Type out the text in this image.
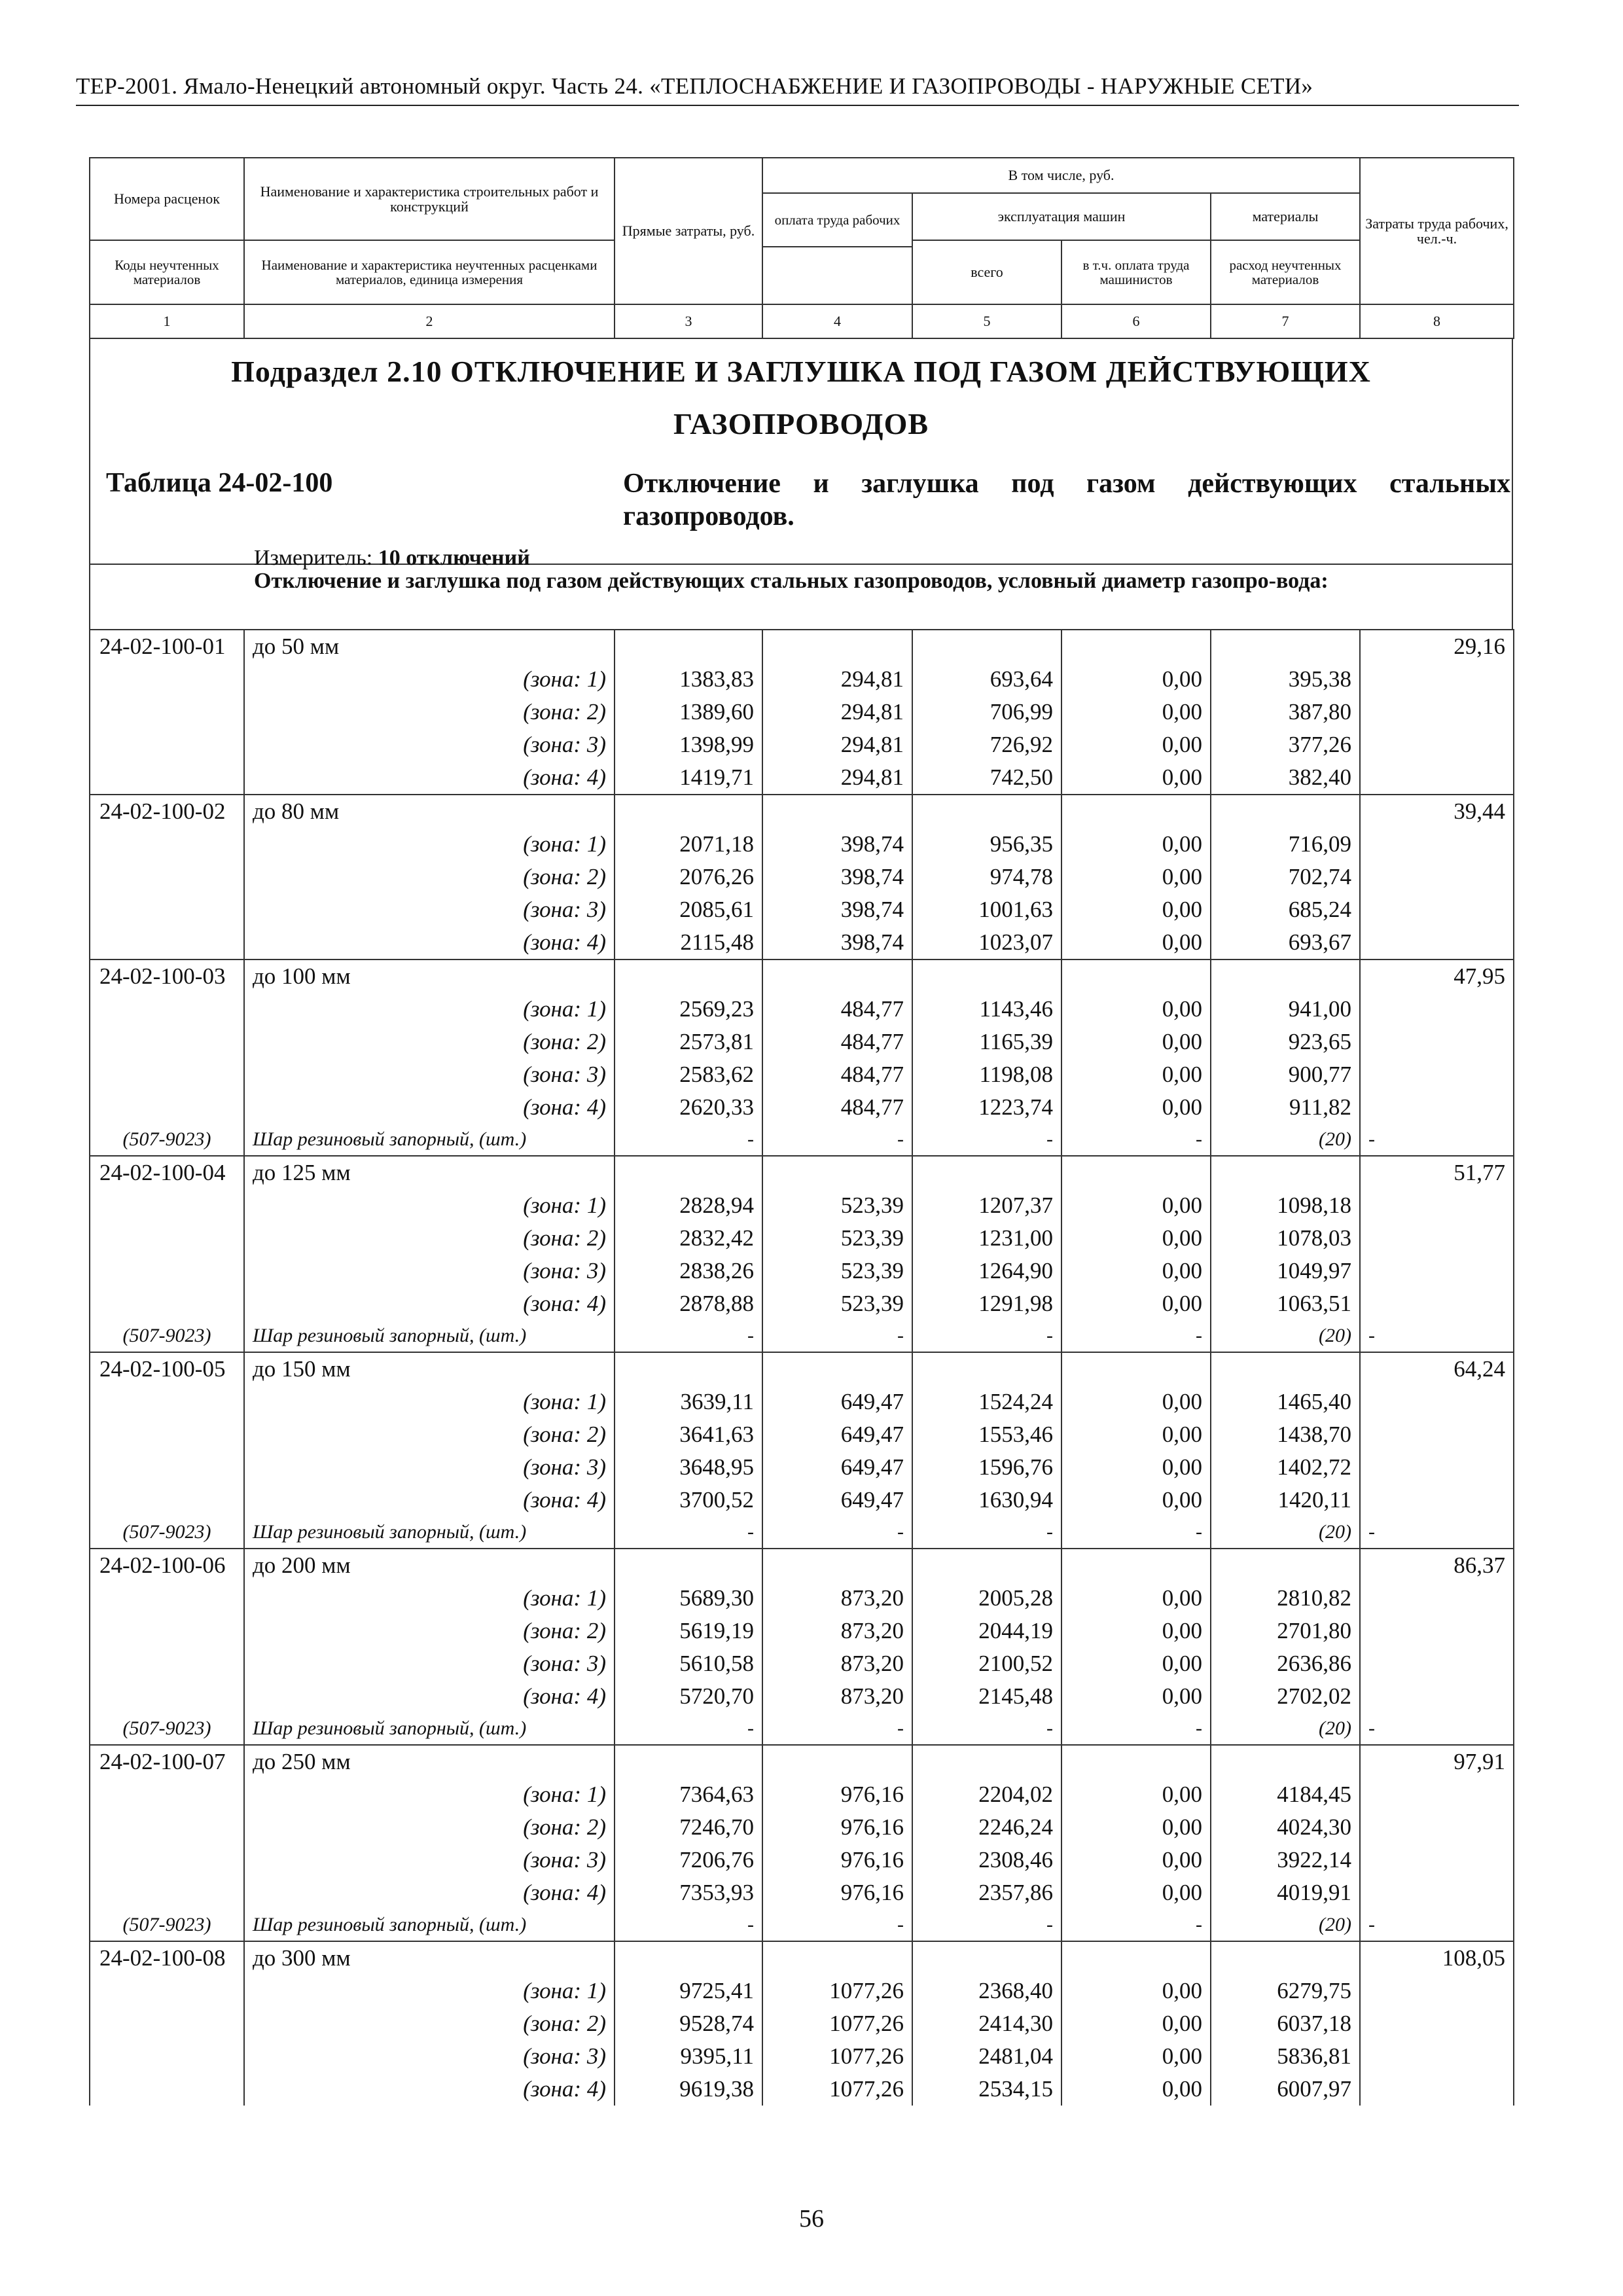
ТЕР-2001. Ямало-Ненецкий автономный округ. Часть 24. «ТЕПЛОСНАБЖЕНИЕ И ГАЗОПРОВОДЫ - НАРУЖНЫЕ СЕТИ»
Номера расценок	Наименование и характеристика строительных работ и конструкций	Прямые затраты, руб.	В том числе, руб.				Затраты труда рабочих, чел.-ч.
			оплата труда рабочих	эксплуатация машин		материалы	

Коды неучтенных материалов	Наименование и характеристика неучтенных расценками материалов, единица измерения			всего	в т.ч. оплата труда машинистов	расход неучтенных материалов	

1	2	3	4	5	6	7	8
Подраздел 2.10 ОТКЛЮЧЕНИЕ И ЗАГЛУШКА ПОД ГАЗОМ ДЕЙСТВУЮЩИХ
ГАЗОПРОВОДОВ
Таблица 24-02-100	Отключение и заглушка под газом действующих стальных газопроводов.
Измеритель: 10 отключений
Отключение и заглушка под газом действующих стальных газопроводов, условный диаметр газопро-вода:
24-02-100-01	до 50 мм						29,16
	(зона: 1)	1383,83	294,81	693,64	0,00	395,38	
	(зона: 2)	1389,60	294,81	706,99	0,00	387,80	
	(зона: 3)	1398,99	294,81	726,92	0,00	377,26	
	(зона: 4)	1419,71	294,81	742,50	0,00	382,40	
24-02-100-02	до 80 мм						39,44
	(зона: 1)	2071,18	398,74	956,35	0,00	716,09	
	(зона: 2)	2076,26	398,74	974,78	0,00	702,74	
	(зона: 3)	2085,61	398,74	1001,63	0,00	685,24	
	(зона: 4)	2115,48	398,74	1023,07	0,00	693,67	
24-02-100-03	до 100 мм						47,95
	(зона: 1)	2569,23	484,77	1143,46	0,00	941,00	
	(зона: 2)	2573,81	484,77	1165,39	0,00	923,65	
	(зона: 3)	2583,62	484,77	1198,08	0,00	900,77	
	(зона: 4)	2620,33	484,77	1223,74	0,00	911,82	
(507-9023)	Шар резиновый запорный, (шт.)	-	-	-	-	(20)	-
24-02-100-04	до 125 мм						51,77
	(зона: 1)	2828,94	523,39	1207,37	0,00	1098,18	
	(зона: 2)	2832,42	523,39	1231,00	0,00	1078,03	
	(зона: 3)	2838,26	523,39	1264,90	0,00	1049,97	
	(зона: 4)	2878,88	523,39	1291,98	0,00	1063,51	
(507-9023)	Шар резиновый запорный, (шт.)	-	-	-	-	(20)	-
24-02-100-05	до 150 мм						64,24
	(зона: 1)	3639,11	649,47	1524,24	0,00	1465,40	
	(зона: 2)	3641,63	649,47	1553,46	0,00	1438,70	
	(зона: 3)	3648,95	649,47	1596,76	0,00	1402,72	
	(зона: 4)	3700,52	649,47	1630,94	0,00	1420,11	
(507-9023)	Шар резиновый запорный, (шт.)	-	-	-	-	(20)	-
24-02-100-06	до 200 мм						86,37
	(зона: 1)	5689,30	873,20	2005,28	0,00	2810,82	
	(зона: 2)	5619,19	873,20	2044,19	0,00	2701,80	
	(зона: 3)	5610,58	873,20	2100,52	0,00	2636,86	
	(зона: 4)	5720,70	873,20	2145,48	0,00	2702,02	
(507-9023)	Шар резиновый запорный, (шт.)	-	-	-	-	(20)	-
24-02-100-07	до 250 мм						97,91
	(зона: 1)	7364,63	976,16	2204,02	0,00	4184,45	
	(зона: 2)	7246,70	976,16	2246,24	0,00	4024,30	
	(зона: 3)	7206,76	976,16	2308,46	0,00	3922,14	
	(зона: 4)	7353,93	976,16	2357,86	0,00	4019,91	
(507-9023)	Шар резиновый запорный, (шт.)	-	-	-	-	(20)	-
24-02-100-08	до 300 мм						108,05
	(зона: 1)	9725,41	1077,26	2368,40	0,00	6279,75	
	(зона: 2)	9528,74	1077,26	2414,30	0,00	6037,18	
	(зона: 3)	9395,11	1077,26	2481,04	0,00	5836,81	
	(зона: 4)	9619,38	1077,26	2534,15	0,00	6007,97	
56
